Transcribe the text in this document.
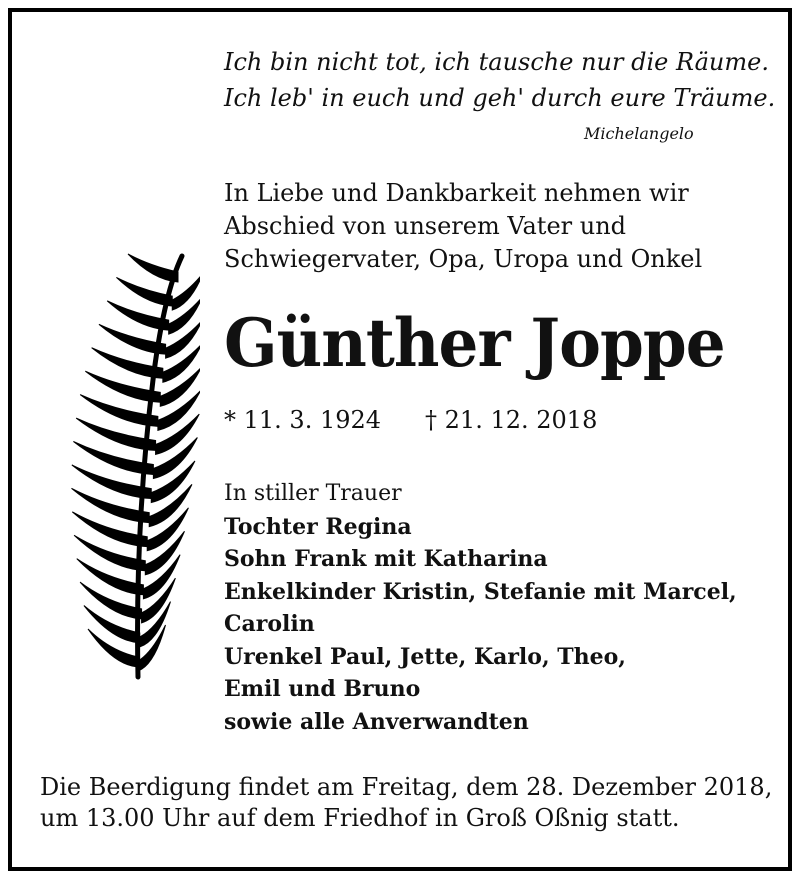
Ich bin nicht tot, ich tausche nur die Räume.
Ich leb' in euch und geh' durch eure Träume.
Michelangelo
In Liebe und Dankbarkeit nehmen wir
Abschied von unserem Vater und
Schwiegervater, Opa, Uropa und Onkel
Günther Joppe
* 11. 3. 1924 † 21. 12. 2018
In stiller Trauer
Tochter Regina
Sohn Frank mit Katharina
Enkelkinder Kristin, Stefanie mit Marcel,
Carolin
Urenkel Paul, Jette, Karlo, Theo,
Emil und Bruno
sowie alle Anverwandten
Die Beerdigung findet am Freitag, dem 28. Dezember 2018,
um 13.00 Uhr auf dem Friedhof in Groß Oßnig statt.
